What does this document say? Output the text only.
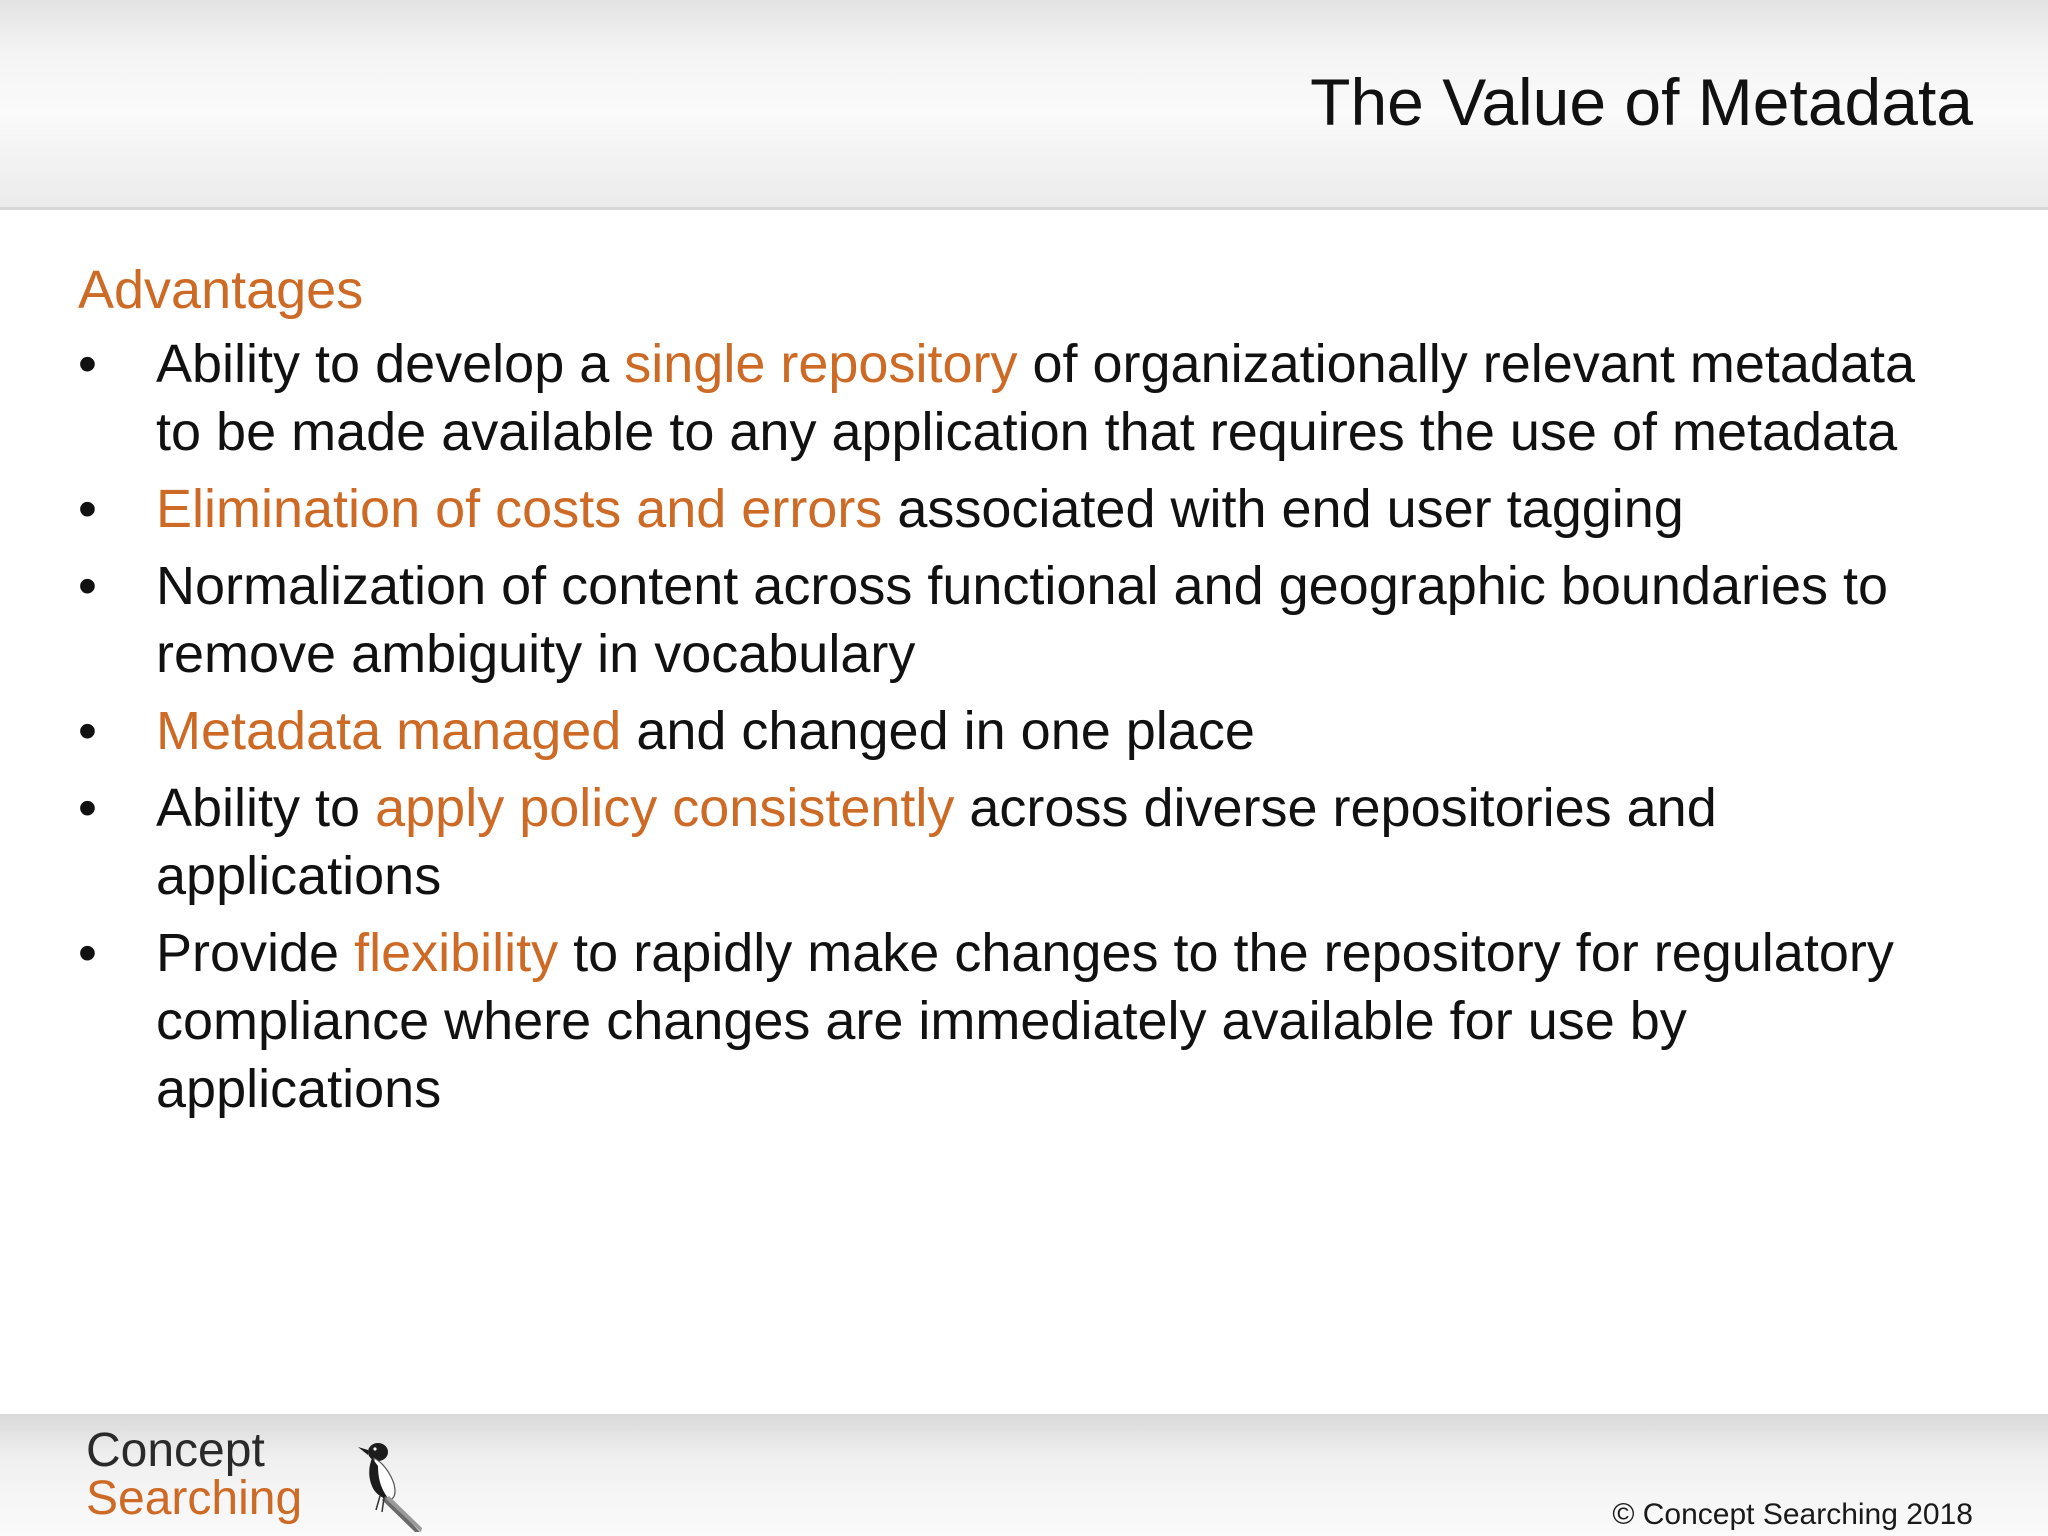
The Value of Metadata
Advantages
• Ability to develop a single repository of organizationally relevant metadata to be made available to any application that requires the use of metadata
• Elimination of costs and errors associated with end user tagging
• Normalization of content across functional and geographic boundaries to remove ambiguity in vocabulary
• Metadata managed and changed in one place
• Ability to apply policy consistently across diverse repositories and applications
• Provide flexibility to rapidly make changes to the repository for regulatory compliance where changes are immediately available for use by applications
Concept
Searching	© Concept Searching 2018
